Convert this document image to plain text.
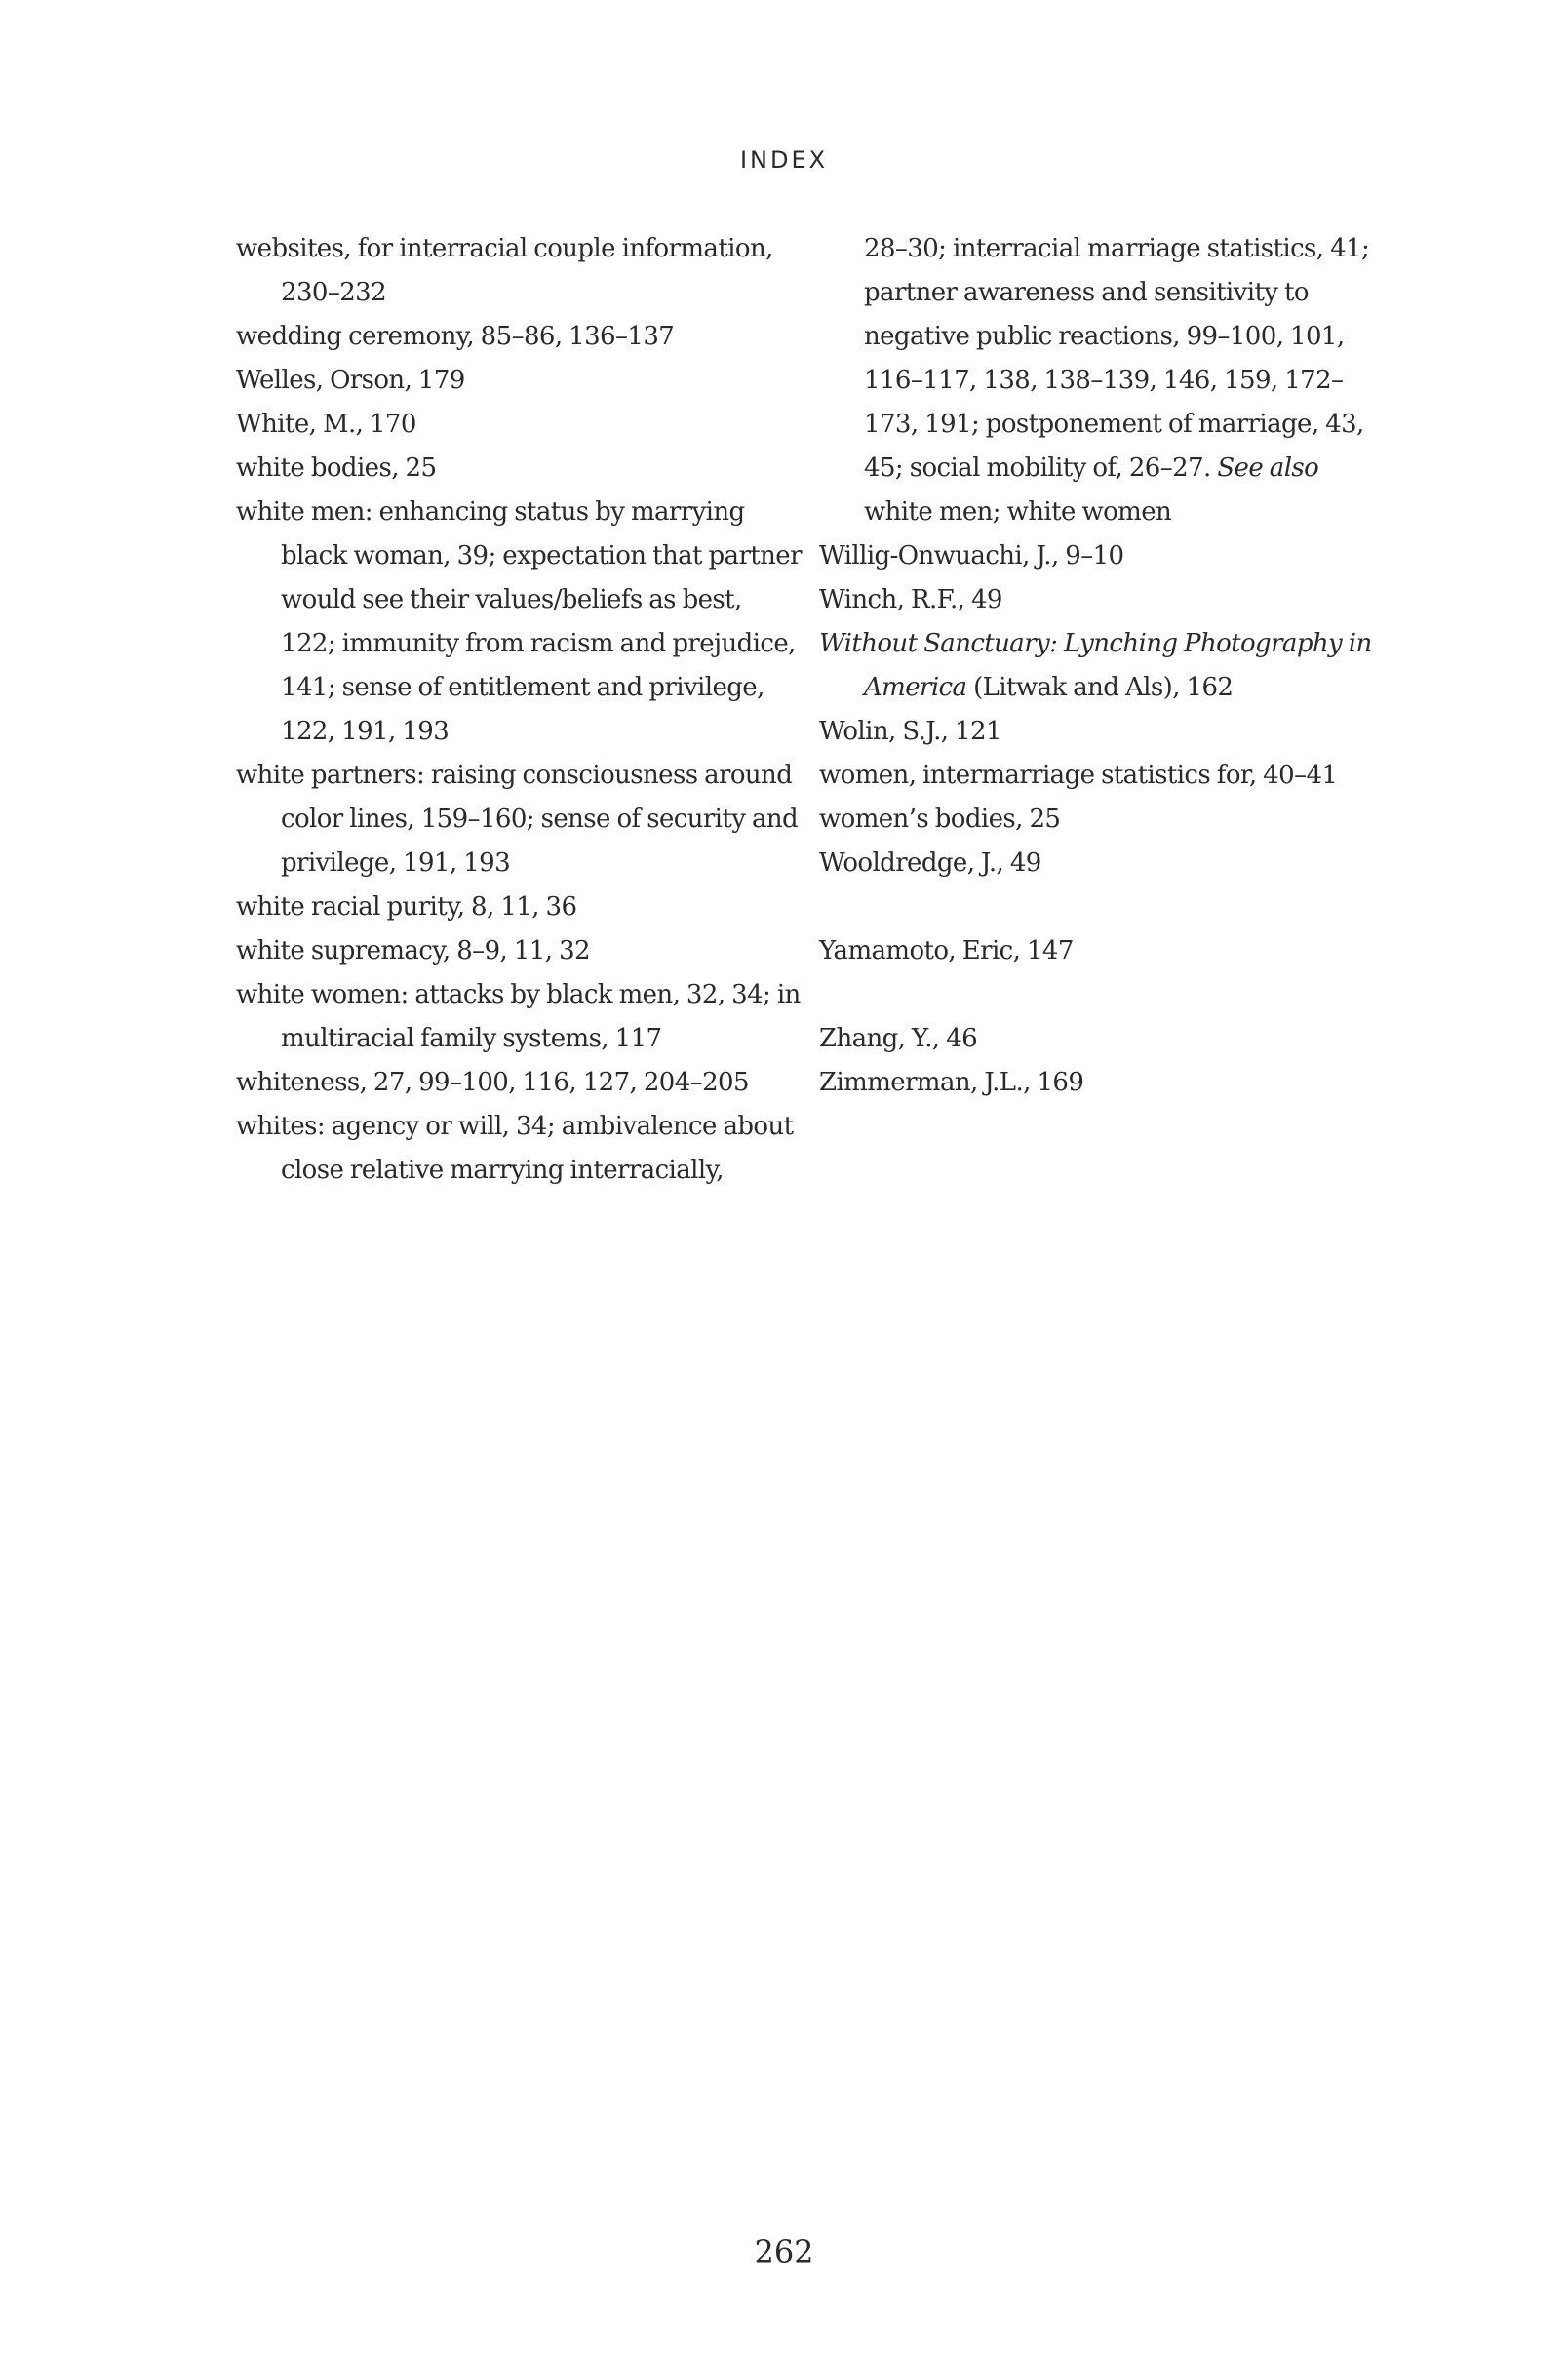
INDEX

websites, for interracial couple information, 230–232

wedding ceremony, 85–86, 136–137

Welles, Orson, 179

White, M., 170

white bodies, 25

white men: enhancing status by marrying black woman, 39; expectation that partner would see their values/beliefs as best, 122; immunity from racism and prejudice, 141; sense of entitlement and privilege, 122, 191, 193

white partners: raising consciousness around color lines, 159–160; sense of security and privilege, 191, 193

white racial purity, 8, 11, 36

white supremacy, 8–9, 11, 32

white women: attacks by black men, 32, 34; in multiracial family systems, 117

whiteness, 27, 99–100, 116, 127, 204–205

whites: agency or will, 34; ambivalence about close relative marrying interracially,

28–30; interracial marriage statistics, 41; partner awareness and sensitivity to negative public reactions, 99–100, 101, 116–117, 138, 138–139, 146, 159, 172–173, 191; postponement of marriage, 43, 45; social mobility of, 26–27. See also white men; white women

Willig-Onwuachi, J., 9–10

Winch, R.F., 49

Without Sanctuary: Lynching Photography in America (Litwak and Als), 162

Wolin, S.J., 121

women, intermarriage statistics for, 40–41

women’s bodies, 25

Wooldredge, J., 49

Yamamoto, Eric, 147

Zhang, Y., 46

Zimmerman, J.L., 169

262
